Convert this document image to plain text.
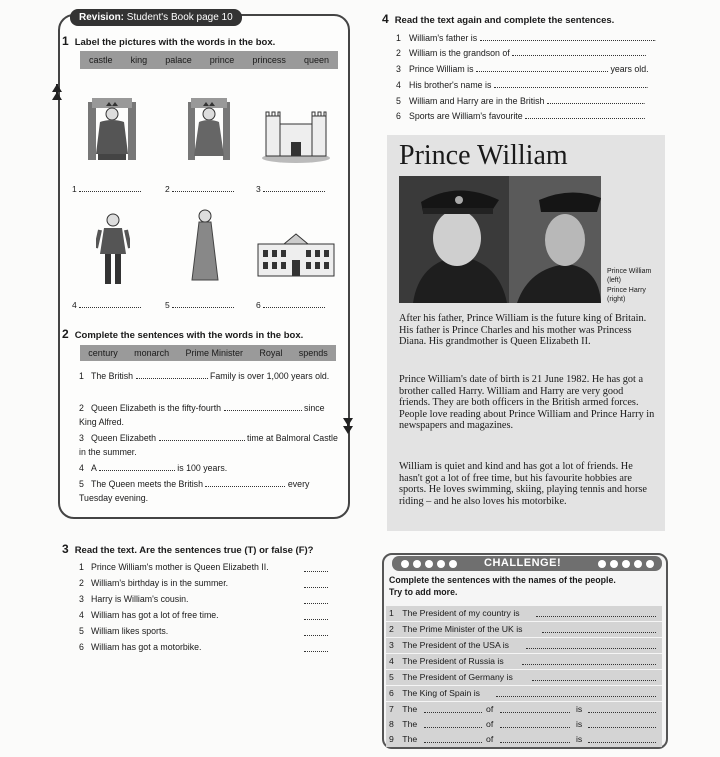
Revision: Student's Book page 10
1 Label the pictures with the words in the box.
castle king palace prince princess queen
1	2	3
4	5	6
2 Complete the sentences with the words in the box.
century monarch Prime Minister Royal spends
1 The British	Family is over 1,000 years old.
2 Queen Elizabeth is the fifty-fourth	since King Alfred.
3 Queen Elizabeth	time at Balmoral Castle in the summer.
4 A	is 100 years.
5 The Queen meets the British	every Tuesday evening.
3 Read the text. Are the sentences true (T) or false (F)?
1 Prince William's mother is Queen Elizabeth II.
2 William's birthday is in the summer.
3 Harry is William's cousin.
4 William has got a lot of free time.
5 William likes sports.
6 William has got a motorbike.
4 Read the text again and complete the sentences.
1 William's father is	.
2 William is the grandson of	.
3 Prince William is	years old.
4 His brother's name is	.
5 William and Harry are in the British	.
6 Sports are William's favourite	.
Prince William
Prince William (left)
Prince Harry (right)
After his father, Prince William is the future king of Britain. His father is Prince Charles and his mother was Princess Diana. His grandmother is Queen Elizabeth II.
Prince William's date of birth is 21 June 1982. He has got a brother called Harry. William and Harry are very good friends. They are both officers in the British armed forces. People love reading about Prince William and Prince Harry in newspapers and magazines.
William is quiet and kind and has got a lot of friends. He hasn't got a lot of free time, but his favourite hobbies are sports. He loves swimming, skiing, playing tennis and horse riding – and he also loves his motorbike.
CHALLENGE!
Complete the sentences with the names of the people.
Try to add more.
1 The President of my country is
2 The Prime Minister of the UK is
3 The President of the USA is
4 The President of Russia is
5 The President of Germany is
6 The King of Spain is
7 The	of	is
8 The	of	is
9 The	of	is
